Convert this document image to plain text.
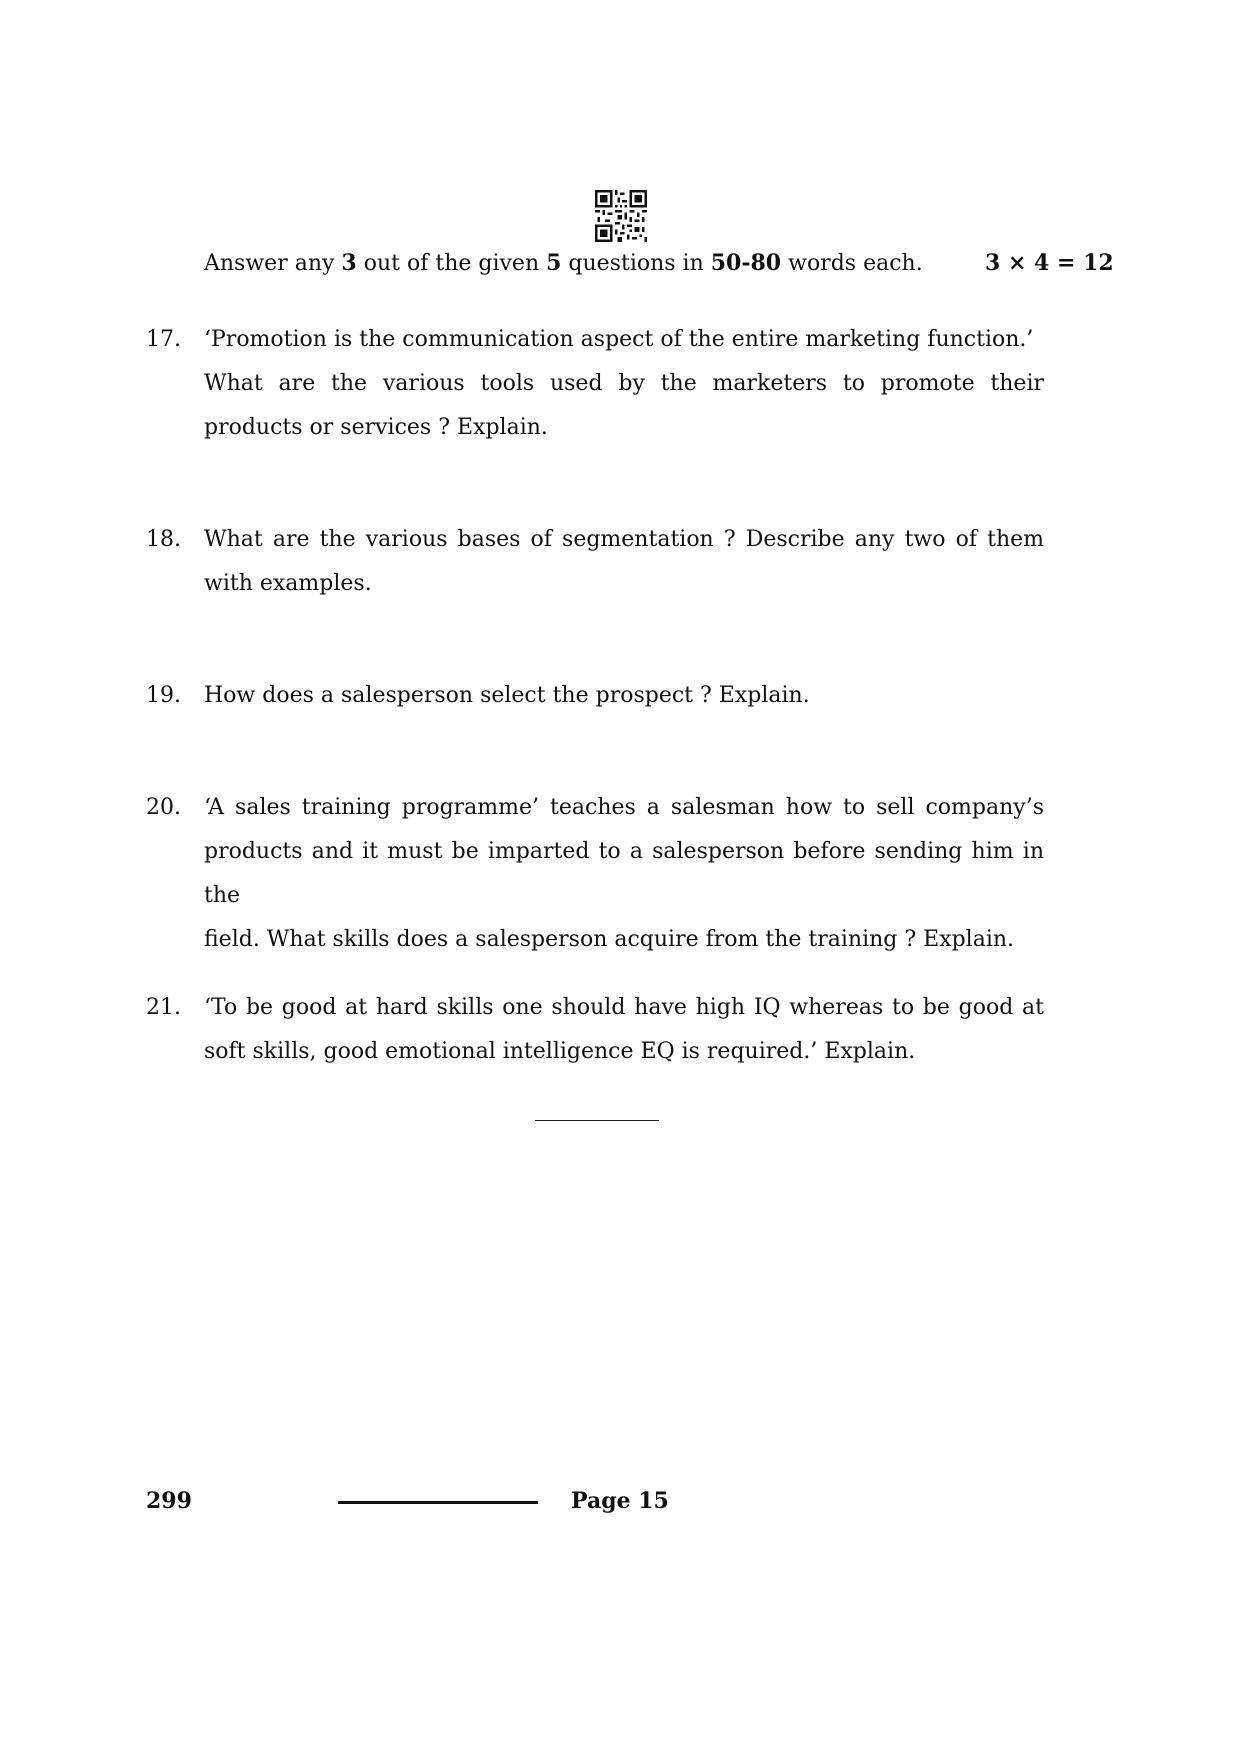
Answer any 3 out of the given 5 questions in 50-80 words each.	3 × 4 = 12
17.	‘Promotion is the communication aspect of the entire marketing function.’
What are the various tools used by the marketers to promote their
products or services ? Explain.
18.	What are the various bases of segmentation ? Describe any two of them
with examples.
19.	How does a salesperson select the prospect ? Explain.
20.	‘A sales training programme’ teaches a salesman how to sell company’s
products and it must be imparted to a salesperson before sending him in the
field. What skills does a salesperson acquire from the training ? Explain.
21.	‘To be good at hard skills one should have high IQ whereas to be good at
soft skills, good emotional intelligence EQ is required.’ Explain.
299	Page 15
